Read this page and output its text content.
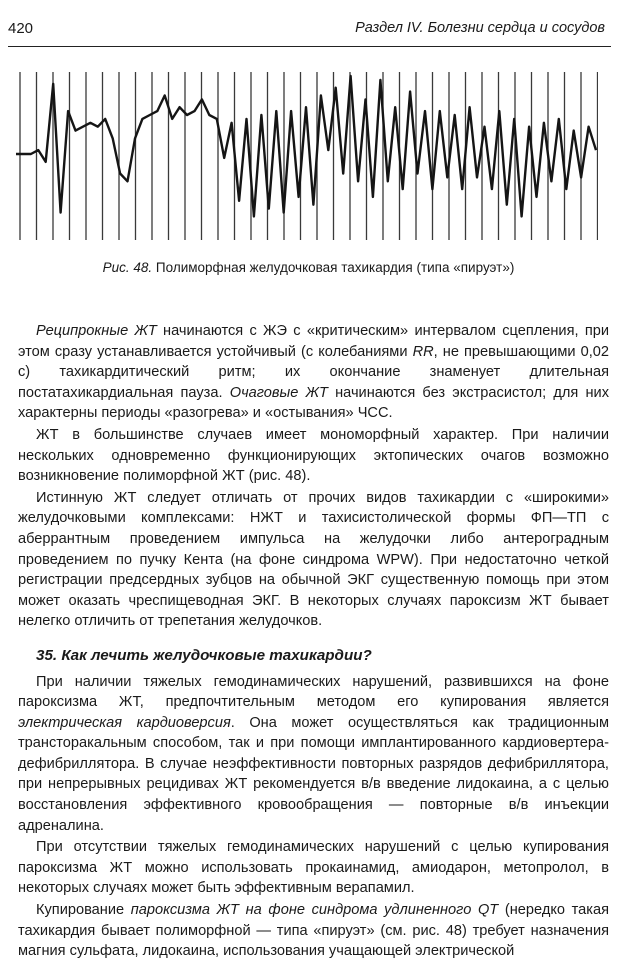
420	Раздел IV. Болезни сердца и сосудов
Рис. 48. Полиморфная желудочковая тахикардия (типа «пируэт»)

Реципрокные ЖТ начинаются с ЖЭ с «критическим» интервалом сцепления, при этом сразу устанавливается устойчивый (с колебаниями RR, не превышающими 0,02 с) тахикардитический ритм; их окончание знаменует длительная постатахикардиальная пауза. Очаговые ЖТ начинаются без экстрасистол; для них характерны периоды «разогрева» и «остывания» ЧСС.

ЖТ в большинстве случаев имеет мономорфный характер. При наличии нескольких одновременно функционирующих эктопических очагов возможно возникновение полиморфной ЖТ (рис. 48).

Истинную ЖТ следует отличать от прочих видов тахикардии с «широкими» желудочковыми комплексами: НЖТ и тахисистолической формы ФП—ТП с аберрантным проведением импульса на желудочки либо антероградным проведением по пучку Кента (на фоне синдрома WPW). При недостаточно четкой регистрации предсердных зубцов на обычной ЭКГ существенную помощь при этом может оказать чреспищеводная ЭКГ. В некоторых случаях пароксизм ЖТ бывает нелегко отличить от трепетания желудочков.

35. Как лечить желудочковые тахикардии?

При наличии тяжелых гемодинамических нарушений, развившихся на фоне пароксизма ЖТ, предпочтительным методом его купирования является электрическая кардиоверсия. Она может осуществляться как традиционным трансторакальным способом, так и при помощи имплантированного кардиовертера-дефибриллятора. В случае неэффективности повторных разрядов дефибриллятора, при непрерывных рецидивах ЖТ рекомендуется в/в введение лидокаина, а с целью восстановления эффективного кровообращения — повторные в/в инъекции адреналина.

При отсутствии тяжелых гемодинамических нарушений с целью купирования пароксизма ЖТ можно использовать прокаинамид, амиодарон, метопролол, в некоторых случаях может быть эффективным верапамил.

Купирование пароксизма ЖТ на фоне синдрома удлиненного QT (нередко такая тахикардия бывает полиморфной — типа «пируэт» (см. рис. 48) требует назначения магния сульфата, лидокаина, использования учащающей электрической
